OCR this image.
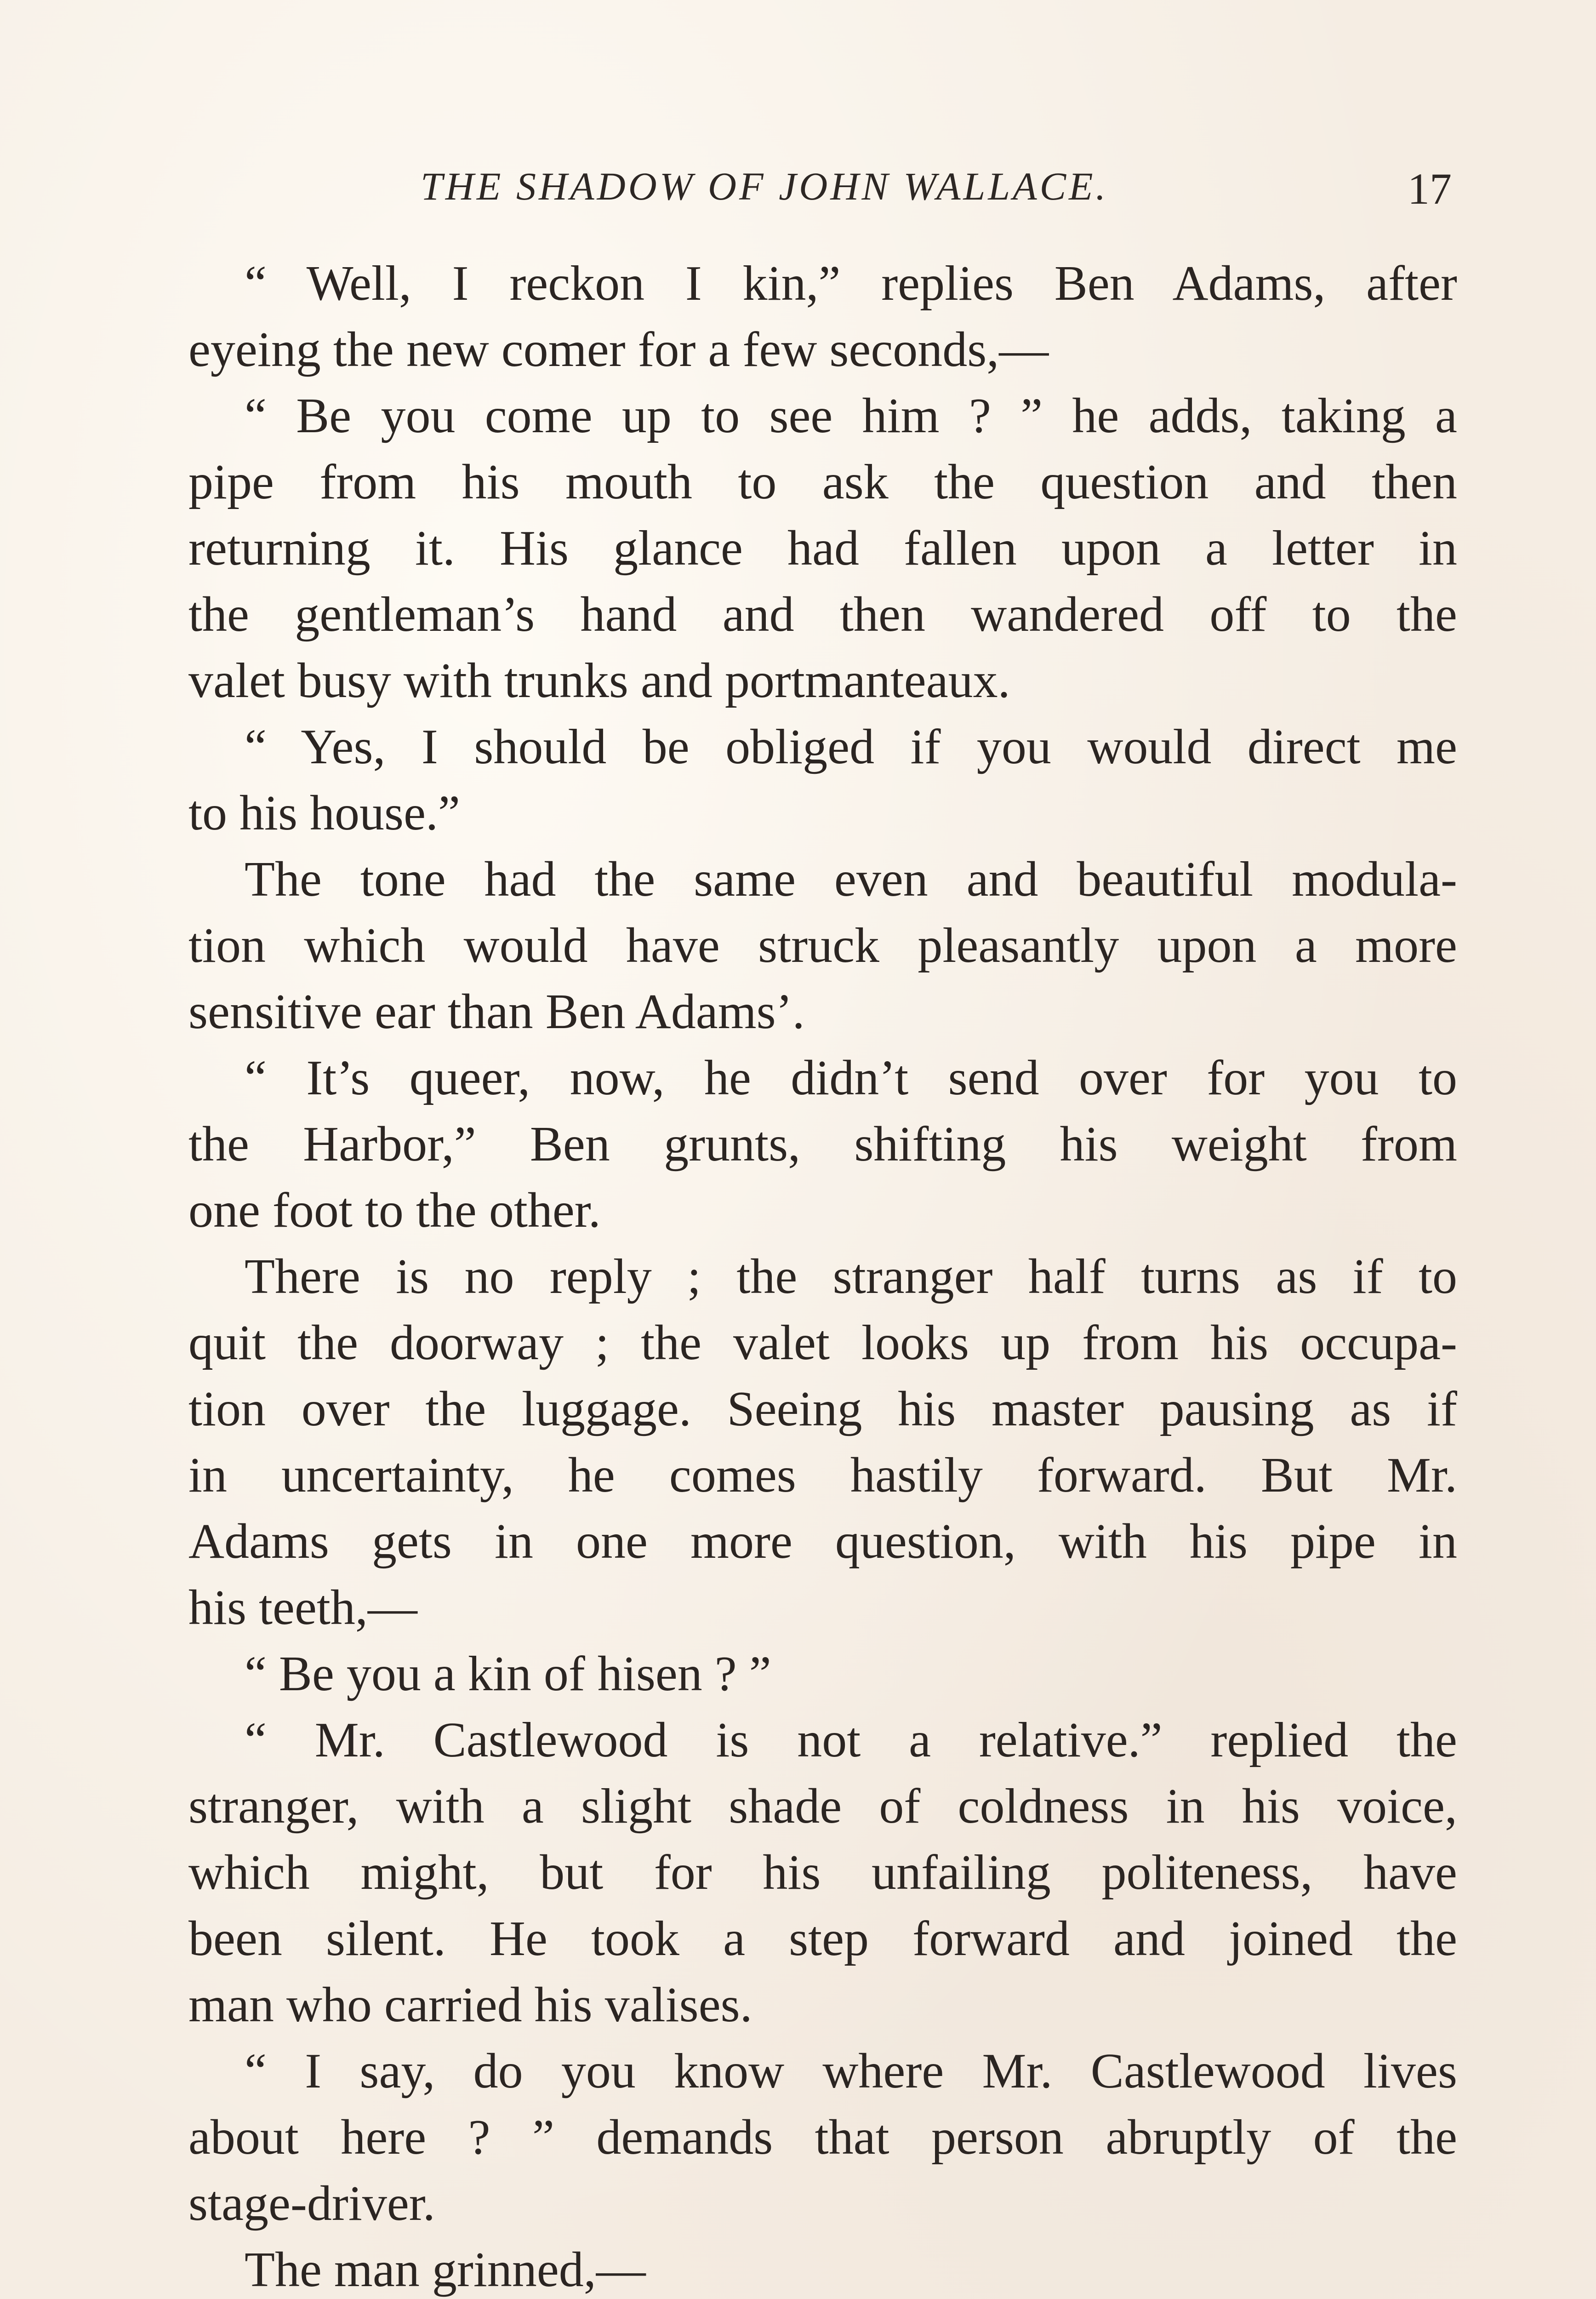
THE SHADOW OF JOHN WALLACE.	17
“ Well, I reckon I kin,” replies Ben Adams, after
eyeing the new comer for a few seconds,—
“ Be you come up to see him ? ” he adds, taking a
pipe from his mouth to ask the question and then
returning it. His glance had fallen upon a letter in
the gentleman’s hand and then wandered off to the
valet busy with trunks and portmanteaux.
“ Yes, I should be obliged if you would direct me
to his house.”
The tone had the same even and beautiful modula-
tion which would have struck pleasantly upon a more
sensitive ear than Ben Adams’.
“ It’s queer, now, he didn’t send over for you to
the Harbor,” Ben grunts, shifting his weight from
one foot to the other.
There is no reply ; the stranger half turns as if to
quit the doorway ; the valet looks up from his occupa-
tion over the luggage. Seeing his master pausing as if
in uncertainty, he comes hastily forward. But Mr.
Adams gets in one more question, with his pipe in
his teeth,—
“ Be you a kin of hisen ? ”
“ Mr. Castlewood is not a relative.” replied the
stranger, with a slight shade of coldness in his voice,
which might, but for his unfailing politeness, have
been silent. He took a step forward and joined the
man who carried his valises.
“ I say, do you know where Mr. Castlewood lives
about here ? ” demands that person abruptly of the
stage-driver.
The man grinned,—
